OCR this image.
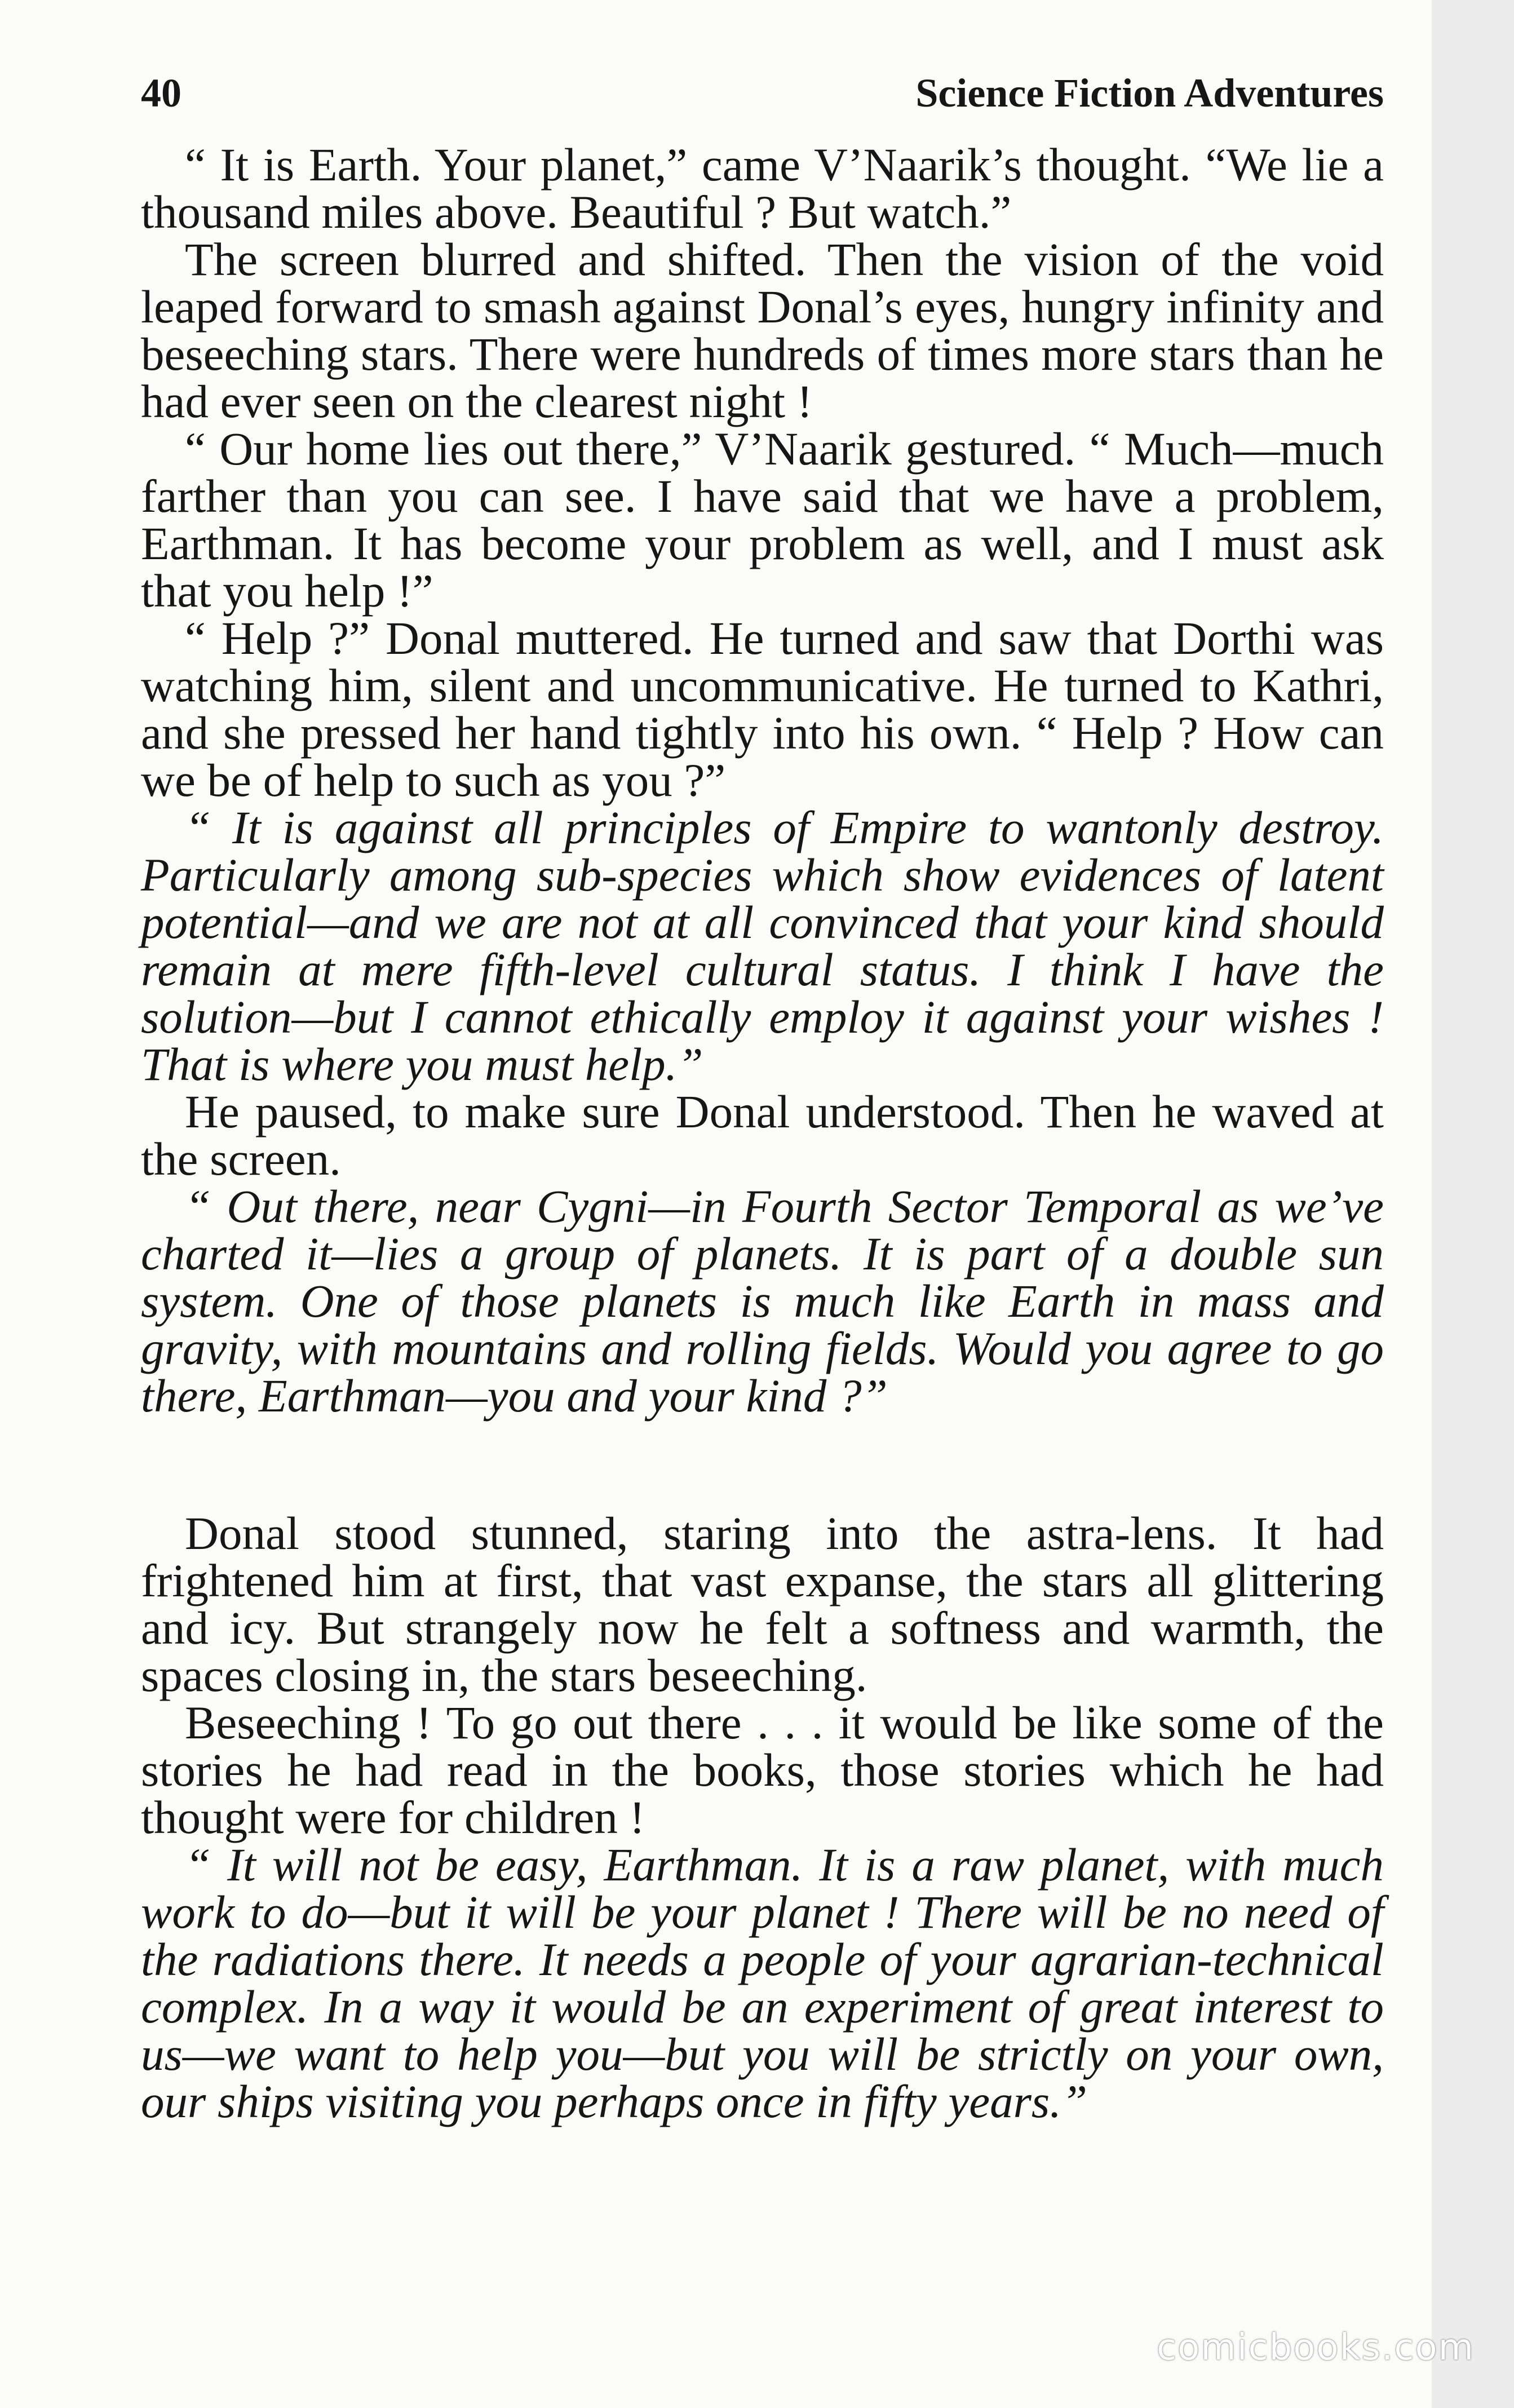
40	Science Fiction Adventures

“ It is Earth. Your planet,” came V’Naarik’s thought. “We lie a thousand miles above. Beautiful ? But watch.”

The screen blurred and shifted. Then the vision of the void leaped forward to smash against Donal’s eyes, hungry infinity and beseeching stars. There were hundreds of times more stars than he had ever seen on the clearest night !

“ Our home lies out there,” V’Naarik gestured. “ Much—much farther than you can see. I have said that we have a problem, Earthman. It has become your problem as well, and I must ask that you help !”

“ Help ?” Donal muttered. He turned and saw that Dorthi was watching him, silent and uncommunicative. He turned to Kathri, and she pressed her hand tightly into his own. “ Help ? How can we be of help to such as you ?”

“ It is against all principles of Empire to wantonly destroy. Particularly among sub-species which show evidences of latent potential—and we are not at all convinced that your kind should remain at mere fifth-level cultural status. I think I have the solution—but I cannot ethically employ it against your wishes ! That is where you must help.”

He paused, to make sure Donal understood. Then he waved at the screen.

“ Out there, near Cygni—in Fourth Sector Temporal as we’ve charted it—lies a group of planets. It is part of a double sun system. One of those planets is much like Earth in mass and gravity, with mountains and rolling fields. Would you agree to go there, Earthman—you and your kind ?”

Donal stood stunned, staring into the astra-lens. It had frightened him at first, that vast expanse, the stars all glittering and icy. But strangely now he felt a softness and warmth, the spaces closing in, the stars beseeching.

Beseeching ! To go out there . . . it would be like some of the stories he had read in the books, those stories which he had thought were for children !

“ It will not be easy, Earthman. It is a raw planet, with much work to do—but it will be your planet ! There will be no need of the radiations there. It needs a people of your agrarian-technical complex. In a way it would be an experiment of great interest to us—we want to help you—but you will be strictly on your own, our ships visiting you perhaps once in fifty years.”

comicbooks.com
